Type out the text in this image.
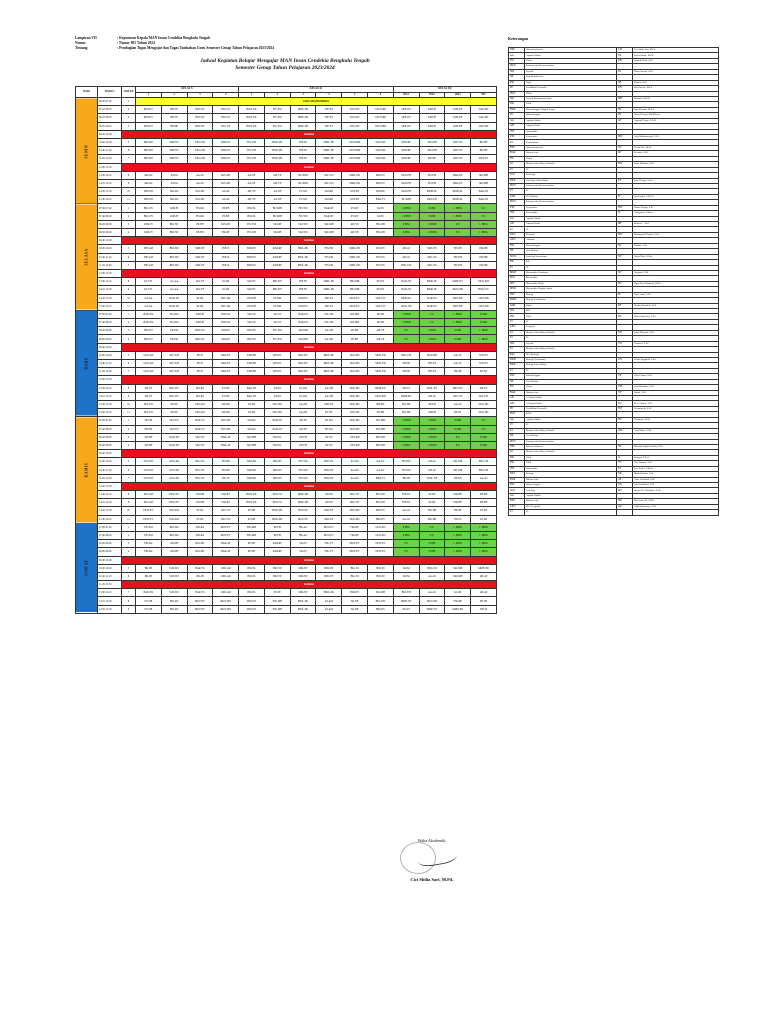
Lampiran VII	: Keputusan Kepala MAN Insan Cendekia Bengkulu Tengah
Nomor	: Nomor 801 Tahun 2024
Tentang	: Pembagian Tugas Mengajar dan Tugas Tambahan Guru Semester Genap Tahun Pelajaran 2023/2024
Jadwal Kegiatan Belajar Mengajar MAN Insan Cendekia Bengkulu Tengah
Semester Genap Tahun Pelajaran 2023/2024
Keterangan
HARI	WAKTU	JAM KE	KELAS X				KELAS XI						KELAS XII			
			1	2	3	4	1	2	3	4	5	6	IPA1	IPA2	IPA3	IPS
SENIN	06.30-07.20	1	UPACARA BENDERA													
	07.10-08.25	2	MM-NT	BB-VP	BID-DV	BIG-NT	BIOL-PK	FIS-YM	MML-PD	INF-ES	SOS-MY	GEO-MM	SKP-WS	KIM-FI	KIM-RF	AKI-MN
	08.25-09.20	3	MM-NT	BB-VP	BID-DV	BIG-NT	BIOL-PK	FIS-YM	MML-PD	INF-ES	SOS-MY	GEO-MM	SKP-WS	KIM-FI	KIM-RF	AKI-MN
	09.05-09.45	4	MM-NT	BB-HE	BID-DV	BIG-VP	BIOL-PK	FIS-YM	MML-PD	INF-ES	SOS-MY	GEO-MM	SKP-WS	KIM-FI	KIM-RF	AKI-MN
	09.45-10.00	Istirahat														
	10.00-10.40	5	BID-MS	MM-NV	GEO-AR	BID-DY	FIS-YM	BIOL-PK	INF-ES	MML-PD	GEO-MM	SKO-MS	KIM-RF	SKI-MH	SKP-WS	BK-HE
	10.40-11.20	6	BID-MS	MM-NV	GEO-AR	BID-DY	FIS-YM	BIOL-PK	INF-ES	MML-PD	GEO-MM	SKO-MS	KIM-RF	SKI-MH	SKP-WS	BK-HE
	11.20-12.00	7	BID-MS	MM-NV	GEO-AR	BID-DY	FIS-YM	BIOL-PK	INF-ES	MML-PD	GEO-MM	SKO-MS	KIM-RF	BK-HE	SKP-WS	PKN-ES
	12.00-13.30	Istirahat														
	13.30-14.10	8	SKI-RZ	KI-IM	AA-AT	SOS-MT	AA-NF	AH-YE	BI-SMH	SKI-YW	MML-PD	MM-NV	PKN-EH	FIS-FM	BAR-DT	SKI-MH
	14.10-14.50	9	SKI-RZ	KI-IM	AA-AT	SOS-MT	AA-NF	AH-YE	BI-SMH	SKI-YW	MML-PD	MM-NV	PKN-EH	FIS-FM	BAR-DT	SKI-MH
	14.50-15.30	10	BIO-JM	SKI-RZ	SOS-MT	AA-AT	AH-YE	AA-NF	PT-SM	SKI-RK	SOS-PN	BIO-PK	PKN-EH	BIOH-PL	BIOH-PL	BAR-DT
	15.30-16.10	11	BIO-JM	SKI-RZ	SOS-MT	AA-AT	AH-YE	AA-NF	PT-SM	SKI-RK	SOS-PN	BAR-TS	BI-SMH	PKN-EH	BIOH-PL	BAR-DT
SELASA	07.00-07.40	1	BIO-WS	KIM-FI	FIS-RR	PP-EH	BIO-PL	BI-SMH	FIS-YM	BAR-DT	PT-MT	KI-NS	1. BIND	P MM	1. BING	P U
	07.40-08.20	2	BIO-WS	KIM-FI	FIS-RR	PP-EH	BIO-PL	BI-SMH	FIS-YM	BAR-DT	PT-MT	KI-NS	1. BIND	P MM	1. BING	P U
	08.20-09.00	3	KIM-FI	BIO-NT	PP-EH	SOS-MT	FIS-YM	SKI-IH	SKI-YW	SKI-MH	AH-YE	FIK-RH	P MM	1. BIND	P U	1. BING
	09.00-09.40	4	KIM-FI	BIO-NT	PP-EH	BK-IH	FIS-YM	SKI-IH	SKI-YW	SKI-MH	AH-YE	FIK-RH	P MM	1. BIND	P U	1. BING
	09.40-10.00	Istirahat														
	10.00-10.40	5	INF-AM	BID-MS	MM-NY	INF-IS	BID-DY	KIM-RF	BIOL-PK	FIS-FM	MML-PD	SOS-EV	AH-AT	SKP-WS	FIS-EH	PIK-HE
	10.40-11.20	6	INF-AM	BID-MS	MM-NY	INF-IS	BID-DY	KIM-RF	BIOL-PK	FIS-FM	MML-PD	SOS-EV	AH-AT	SKP-WS	FIS-EH	PIK-HE
	11.20-12.00	7	INF-AM	BID-MS	MM-NY	INF-IS	BID-DY	KIM-RF	BIOL-PK	FIS-FM	MML-PD	SOS-EV	BID-CM	SKP-WS	FIS-EH	PIK-HE
	12.00-13.30	Istirahat														
	13.30-14.10	8	KI-YW	AA-AA	SKI-YF	KI-IM	SKI-NT	BID-DY	INF-ES	MML-PD	BIO-MH	PT-MT	BAR-DT	BIOD-PL	MMP-NY	PKW-RM
	14.10-14.50	9	KI-YW	AA-AA	SKI-YF	KI-IM	SKI-NT	BID-DY	INF-ES	MML-PD	BIO-MH	PT-MT	BAR-DT	BIOD-PL	PKW-RH	BIOL-NV
	14.50-15.30	10	AA-AA	BAR-YR	KI-IM	PIO-AM	PIO-PH	PT-NM	PIO-DW	INF-ES	PKW-EV	SOS-YW	BIOD-PL	BAR-DT	PKN-EH	GEO-RH
	15.30-16.10	11	AA-AA	BAR-YR	KI-IM	PIO-AM	PIO-PH	PT-NM	PIO-DW	INF-ES	PKW-EV	SOS-YW	SOSL-NE	BAR-DT	PKN-EH	GEO-RH
RABU	07.00-07.40	1	BAR-YR	FIS-EM	KIM-FI	BID-WS	SKI-YE	SK-NT	BAR-DT	FIS-YM	SKI-MH	PP-EH	1. BIND	P U	1. BING	P MM
	07.40-08.20	2	BAR-YR	FIS-EM	KIM-FI	BID-WS	SKI-YE	SK-NT	BAR-DT	FIS-YM	SKI-MH	PP-EH	1. BIND	P U	1. BING	P MM
	08.20-09.00	3	BIO-NT	PP-FM	BID-WS	KIM-FI	BIO-YP	FIS-YM	SKI-MH	AA-MF	PP-EH	AH-YE	P U	1. BING	P MM	1. BIND
	09.00-09.40	4	BIO-NT	PP-FM	BID-WS	KIM-FI	BIO-YP	FIS-YM	SKI-MH	AA-MF	PP-EH	AH-YE	P U	1. BING	P MM	1. BIND
	09.40-10.00	Istirahat														
	10.00-10.40	5	GEO-AR	INF-AM	PP-IS	MM-NY	KIM-RF	BIO-PL	BID-DY	BIOL-PK	SKO-MS	MML-PD	BID-CM	BIO-MH	AA-AS	SOS-EV
	10.40-11.20	6	GEO-AR	INF-AM	PP-IS	MM-NY	KIM-RF	BIO-PL	BID-DY	BIOL-PK	SKO-MS	MML-PD	SB-EH	INF-ES	AA-AS	SOS-EV
	11.20-12.00	7	GEO-AR	INF-AM	PP-IS	MM-NY	KIM-RF	BIO-PL	BID-DY	BIOL-PK	SKO-MS	MML-PD	SB-EH	INF-ES	BK-IH	SK-NT
	12.00-13.30	Istirahat														
	13.30-14.10	8	SB-YF	BIO-WS	SKI-RZ	PT-FM	BAR-DT	KI-IM	KI-AM	AA-MF	SKO-MS	MMP-NY	SB-NT	SOSL-EV	BIO-YW	AH-EV
	14.10-14.50	9	SB-YF	BIO-WS	SKI-RZ	PT-FM	BAR-DT	KI-IM	KI-AM	AA-MF	SKO-MS	PKW-RH	MMP-PD	AH-AT	SKI-YW	SKI-YW
	14.50-15.30	10	SKI-YW	PT-RY	PIO-AM	AH-DR	KI-IM	PIO-DW	AA-MF	MM-NY	SKO-MS	BB-EH	FIK-HE	SB-EH	AA-AS	SKO-MS
	15.30-16.10	11	SKI-YW	PT-RY	PIO-AM	AH-DR	KI-IM	PIO-DW	AA-MF	PV-NY	SOS-MY	SB-EH	FIK-HE	AH-EH	SB-NT	SKO-MS
KAMIS	07.00-07.40	1	PP-FM	SKI-YW	BAR-TS	SOS-MT	SKI-RZ	BAR-DT	AH-YE	PP-SM	SKO-MS	SKI-MH	1. BIND	1. BING	P MM	P U
	07.40-08.20	2	PP-FM	SKI-YW	BAR-TS	SOS-MT	SKI-RZ	BAR-DT	AH-YE	PP-SM	SKO-MS	SKI-MH	1. BIND	1. BING	P MM	P U
	08.20-09.00	3	AH-MF	BAR-YR	SKI-YW	BAR-AF	SKI-MH	BIO-PL	PP-EH	SK-NT	GEO-RH	BIO-RH	1. BIND	1. BIND	P U	P MM
	09.00-09.40	4	AH-MF	BAR-YR	SKI-YW	BAR-AF	SKI-MH	BIO-PL	PP-EH	SK-NT	GEO-RH	BIO-RH	1. BING	1. BIND	P U	P MM
	09.40-10.00	Istirahat														
	10.00-10.40	5	SOS-MT	GEO-AR	BIG-NT	FIS-RR	MM-PD	MM-NT	FIS-YM	BID-DY	KI-AM	AA-NV	FIS-EM	AH-AT	SKI-MR	BID-CM
	10.40-11.20	6	SOS-MT	GEO-AR	BIG-NT	FIS-RR	MM-PD	MM-NT	FIS-YM	BID-DY	KI-AM	AA-NV	FIS-EM	AH-AT	SKI-MR	BID-CM
	11.20-12.00	7	SOS-MT	GEO-AR	BIG-NT	SB-VP	MM-PD	MM-NT	FIS-YM	BID-DY	KI-AM	BAR-TS	BK-IH	SOSL-NE	SB-EH	AA-AS
	12.00-13.30	Istirahat														
	13.30-14.10	8	PIO-AM	PKW-EV	AH-MF	FIK-RZ	BIOL-PK	PKW-YI	MML-PD	AH-YE	SKI-YW	PIO-DW	INF-ES	KI-IM	FIK-HE	SB-EH
	14.10-14.50	9	PIO-AM	PKW-EV	AH-MF	FIK-RZ	BIOL-PK	PKW-YI	MML-PD	AH-YE	SKI-YW	PIO-DW	INF-ES	KI-IM	FIK-HE	SB-EH
	14.50-15.30	10	PKW-EV	PIO-AM	PT-RZ	SKI-YW	PT-SM	BIOL-PK	PKW-EV	MM-NY	SKO-MS	MM-NV	AA-AS	FIK-HE	BK-IH	KI-IM
	15.30-16.10	11	PKW-EV	PIO-AM	PT-RZ	SKI-YW	PT-SM	BIOL-PK	PKW-EV	MM-NY	SKO-MS	BID-DY	AA-AS	FIK-HE	INF-IS	KI-IM
JUM'AT	07.00-07.40	1	FIS-EM	BIO-MS	FIK-RZ	PKW-EV	FIK-MH	PP-EH	FIK-AC	PKW-EV	FIK-HE	GEO-MS	P MM	P U	1. BING	1. BIND
	07.40-08.20	2	FIS-EM	BIO-MS	FIK-RZ	PKW-EV	FIK-MH	PP-EH	FIK-AC	PKW-EV	FIK-HE	GEO-MS	P MM	P U	1. BING	1. BIND
	08.20-09.00	3	FIK-RZ	AH-MF	BIO-MS	BAR-AF	PP-EH	KIM-RF	SK-NT	FIK-YT	PKW-EV	PKW-EV	P U	P MM	1. BIND	1. BING
	09.00-09.40	4	FIK-RZ	AH-MF	BIO-MS	BAR-AF	PP-EH	KIM-RF	SK-NT	FIK-YT	PKW-EV	PKW-EV	P U	P MM	1. BIND	1. BING
	09.40-10.00	Istirahat														
	10.00-10.40	5	BK-IH	SOS-MT	BAR-TS	GEO-AR	BIO-PL	BIO-YP	MM-NY	BID-DY	BIG-NI	BIO-NI	KI-IM	BID-CM	SKI-MH	MMN-PD
	10.40-11.20	6	BK-IH	SOS-MT	BK-IH	GEO-AR	BIO-PL	BIO-YP	MM-NY	BID-DY	BIG-NI	BIO-NI	KI-IM	AA-AS	SKI-MH	AH-AT
	11.20-13.30	Istirahat														
	13.30-14.10	7	BAR-YR	SOS-MT	BAR-TS	GEO-AR	BIO-PL	PT-NE	MM-NY	BIOL-PK	BID-DY	SKI-MH	BIO-EH	AA-AS	KI-IM	AH-AT
	14.10-14.50	8	PV-MF	FIK-RZ	PKW-EV	BKO-MN	PKW-PJ	FIK-MH	BIOL-PK	KI-AM	SK-NE	BIO-DW	MMP-NY	PKW-RH	FIK-HE	PP-SB
	14.50-15.30	9	PV-MF	FIK-RZ	PKW-EV	BKO-MN	PKW-PJ	FIK-MH	BIOL-PK	KI-AM	SK-RE	BID-DV	SK-NT	MMP-NY	MMN-PD	INF-IS
BID	Bahasa Indonesia	CM	Cici Shilia Sari, M.Pd.
AA	Aqidah Akhlak	NS	Surya Niman, M.Pd.
FIS	Fisika	RH	Romidh Hadi, S.Pd
PKW	Prakarya dan Kewirausahaan		
SKI	Sejarah	DI	Dicky Irawan, S.Pd
SB	Sejarah Indonesia		
FIK	Fiqih	SB	Siltaria, S.Pd
PP	Pendidikan Pancasila	EH	Eka Hasyati, M.Pd
PKN	PPKn		
SKI	Sejarah Kebudayaan Islam	MH	Muhardi, M.Pd.I
FIK	Fikih		
BIOL	Bahasa Inggris Tingkat Lanjut	PK	Putu Kurniati, M.Pd
BI	Bahasa Inggris	RV	Rismi Herayti, M.Pd.Kons
AA	Aqidah Akhlak	AT	Agusrial Tiorjo, S.Pd.I
AH	Alquran Hadis		
INF	Informatika		
PJO	Penjasorkes	MW	Aloy Mardiyansyah, S.Pd
KI	Kimia Islami		
BID	Bahasa Indonesia	DV	Desmi Yeri, M.Pd
BAR	Bahasa Arab	DT	Desmita, S.Pd
FIS	Fisika		
KI	Muatan Lokal (Karya Ilmiah)	EM	Erma Melianti, S.Pd
PJ	PJ		
SOS	Sosiologi		
BIOL	Sosiologi Lintas Minat	EY	Erna Yuzupo, S.Sos
PKW	Prakarya dan Kewirausahaan		
PJ	PJ		
KIM	PJA (Kimia)	FI	Feri Irmiha, S.Pd.Gr.
PKW	Prakarya dan Kewirausahaan		
PJO	Penjasorkes	HW	Hando Wijaya, S.Si.
INF	Informatika	IS	Ii Sugianto, S.Kom.
AA	Aqidah Akhlak		
AH	Alquran Hadis	MF	Mulfas F., S.Pd
PJ	PJ		
EKO	Ekonomi	MN	Mohammad Nurdan, S.Pd
AKU	Akuntasi		
BIG	Bahasa Inggris	NT	Nurtani, S.Pd
SB	Seni Budaya		
SOSL	Sosiologi lintas minat	NV	Novia Eliza, S.Sos.
BK	BK		
PJ	PJ		
MMP	Matematika Peminatan	NY	Nuryanti, S.Pd
MM	Matematika		
MW	Matematika Wajib	PD	Pipin Dewi Damanik, M.Pd
MML	Matematika Tingkat Lanjut		
BIO	Biologi	PL	Puji Lestari, S.Pd
BIOD	Biologi Pendalaman		
KIM	Kimia	RF	Rosfied Farnaida, S.Pd
SKI	SKI		
FIK	Fikih	RZ	Rizmi Zaid Alsa, S.Pd
PJ	PJ		
GEO	Geografi		
KI	Muatan Lokal (Karya Ilmiah)	SM	Surya Mulyadi, S.Pd
PJ	PJ		
SKI	Sejarah	VW	Vinawati, S.Pd
KI	Muatan Lokal (Karya Ilmiah)		
BIO	IPA (Biologi)		
BIOP	Biologi (Peminatan)	WS	Wirati Suggianti, S.Pd
BIOL	Biologi Lintas Minat		
PJ	PJ		
BIO	Bahasa Inggris	YP	Yulis Palapa, S.Pd
SB	Seni Budaya		
FIS	Fisika	YM	Yudi Mardiana, S.Pd
BAR	Bahasa Arab	YE	Yansri, S.Pd
AH	Al Quran Hadist		
AH	Al Quran Hadist	DV	Desi Oktanti, S.Pd
PP	Pendidikan Pancasila	FM	Fermansyah, S.Pd
PKN	PPKn		
AA	Aqidah Akhlak	HY	Hospunta, S.Pd.I
PJ	PJ		
KI	Muatan Lokal (Karya Ilmiah)	AM	Arya Mariri, S.Pd
SB	Seni Budaya		
PKW	Prakarya dan Kewirausahaan		
BID	Bahasa Indonesia	NS	Mursida Septia Farahila, S.Pd
KI	Muatan Lokal (Karya Ilmiah)		
FIK	Fikih	IC	Inargrio, S.Pd.I
FIK	Fikih	YT	Yuli Sumarti, S.Pd
INF	Informatika	ES	Eva Susilet, S.Kom
BIO	Biologi	NK	Martha Kinlan, S.Si
BAR	Bahasa Arab	AF	Amer Fazhillah, S.Pd
BIG	Bahasa Inggris	LW	Lita Wulandari, S.Pd
SOS	Sosiologi	MT	Megas Tio Wulandari, S.Pd
AA	Aqidah Akhlak		
BID	Bahasa Arab	DR	Dara Ratu SR, M.Pd
GEO	IPS (Geografi)	AR	Akhir Rubiansyo, S.Pd
PJ	PJ		
Waka Akademik,
Cici Shilia Sari, M.Pd.
